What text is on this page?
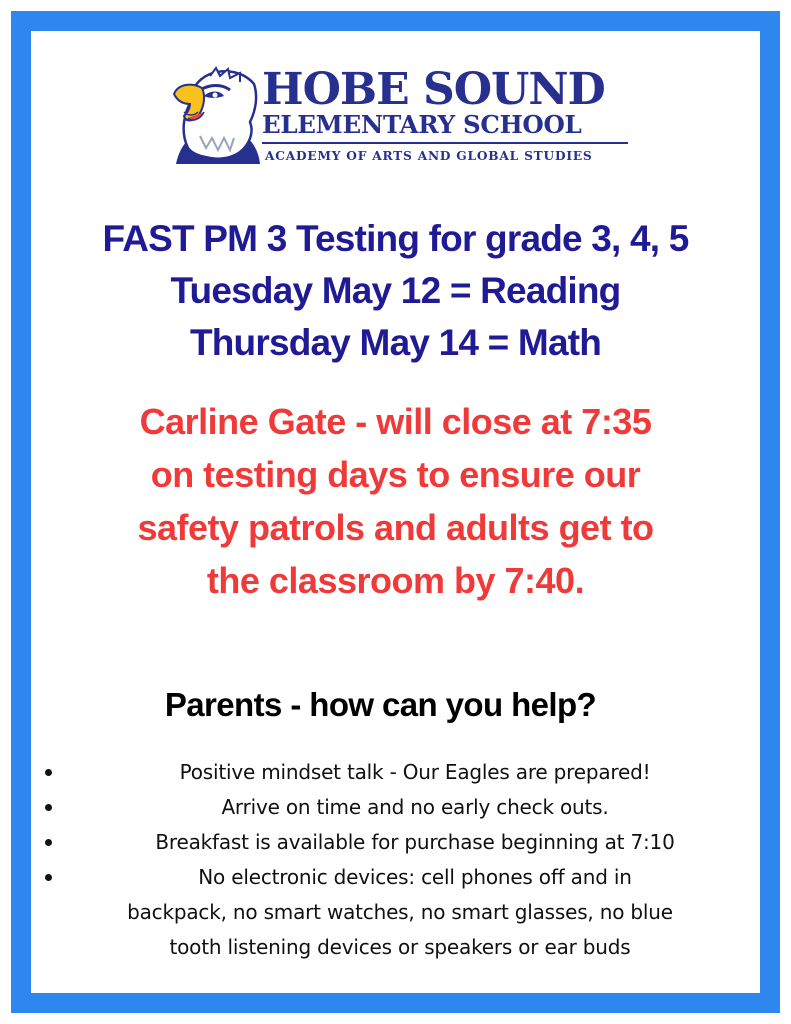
HOBE SOUND
ELEMENTARY SCHOOL
ACADEMY OF ARTS AND GLOBAL STUDIES
FAST PM 3 Testing for grade 3, 4, 5
Tuesday May 12 = Reading
Thursday May 14 = Math
Carline Gate - will close at 7:35
on testing days to ensure our
safety patrols and adults get to
the classroom by 7:40.
Parents - how can you help?
Positive mindset talk - Our Eagles are prepared!
Arrive on time and no early check outs.
Breakfast is available for purchase beginning at 7:10
No electronic devices: cell phones off and in
backpack, no smart watches, no smart glasses, no blue
tooth listening devices or speakers or ear buds
